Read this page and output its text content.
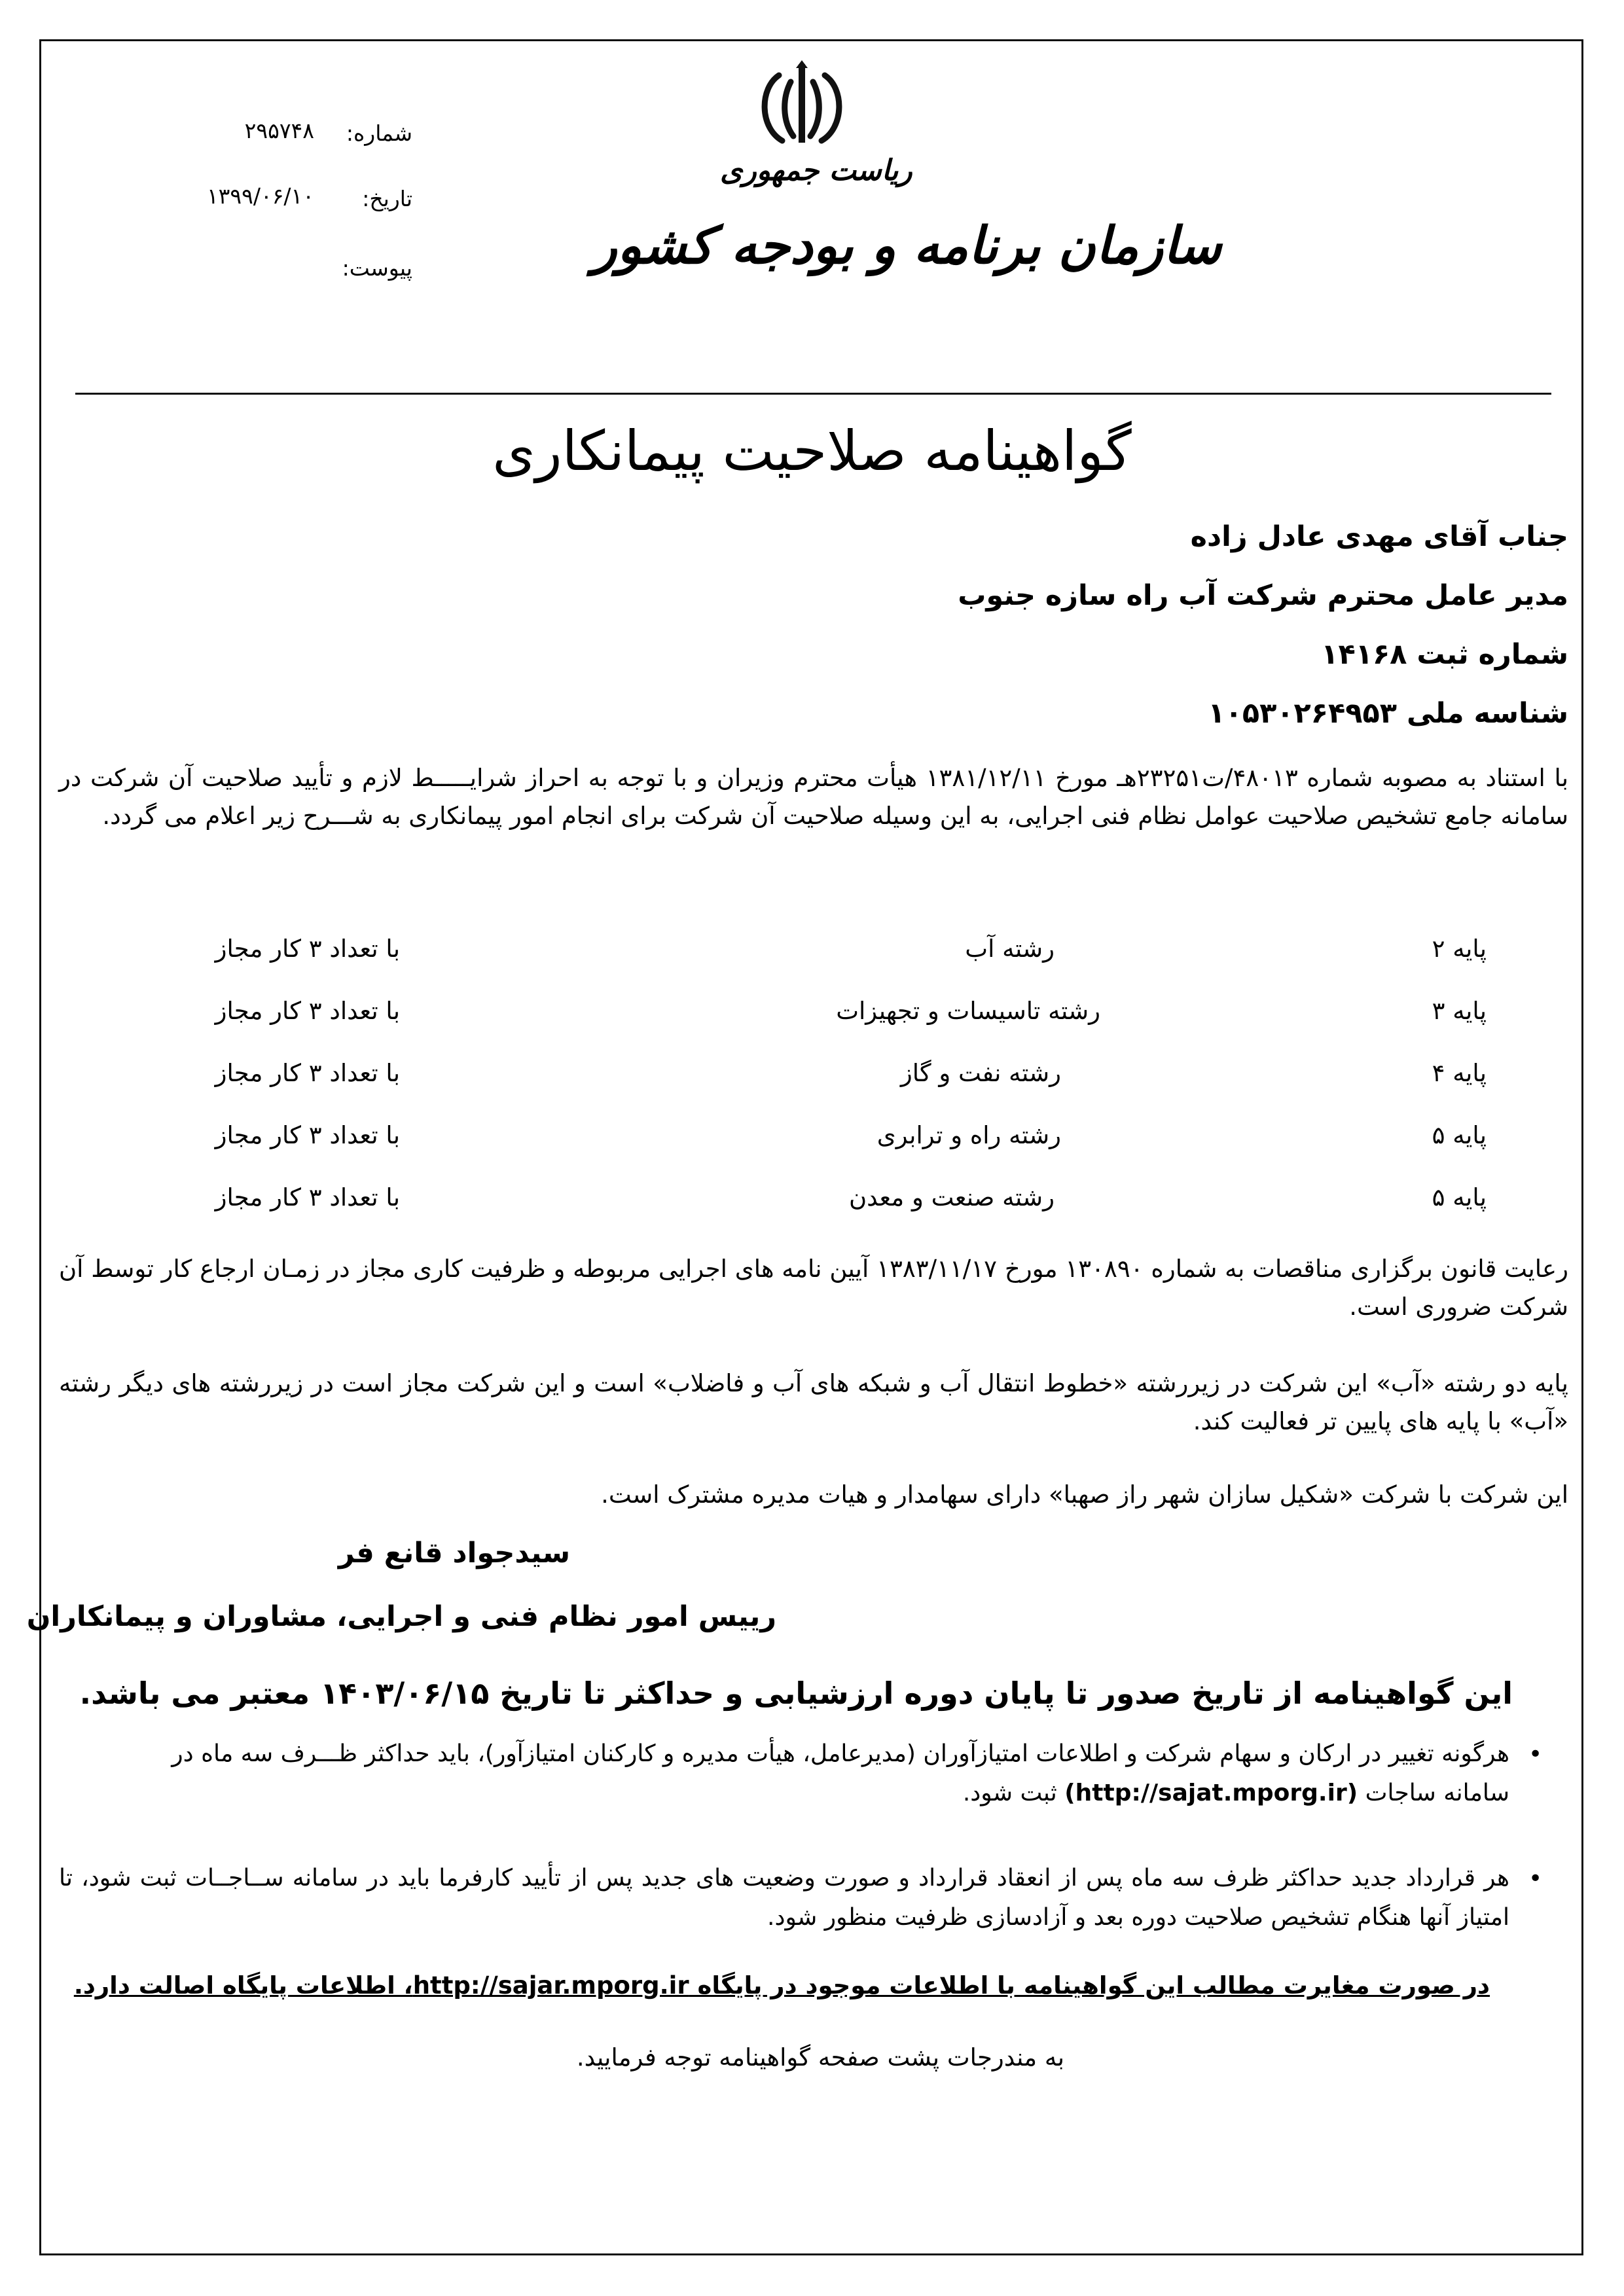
شماره:
۲۹۵۷۴۸
تاریخ:
۱۳۹۹/۰۶/۱۰
پیوست:
ریاست جمهوری
سازمان برنامه و بودجه کشور
گواهینامه صلاحیت پیمانکاری
جناب آقای مهدی عادل زاده
مدیر عامل محترم شرکت آب راه سازه جنوب
شماره ثبت ۱۴۱۶۸
شناسه ملی ۱۰۵۳۰۲۶۴۹۵۳
با استناد به مصوبه شماره ۴۸۰۱۳/ت۲۳۲۵۱هـ مورخ ۱۳۸۱/۱۲/۱۱ هیأت محترم وزیران و با توجه به احراز شرایـــــط لازم و تأیید صلاحیت آن شرکت در سامانه جامع تشخیص صلاحیت عوامل نظام فنی اجرایی، به این وسیله صلاحیت آن شرکت برای انجام امور پیمانکاری به شـــرح زیر اعلام می گردد.
پایه ۲
رشته آب
با تعداد ۳ کار مجاز
پایه ۳
رشته تاسیسات و تجهیزات
با تعداد ۳ کار مجاز
پایه ۴
رشته نفت و گاز
با تعداد ۳ کار مجاز
پایه ۵
رشته راه و ترابری
با تعداد ۳ کار مجاز
پایه ۵
رشته صنعت و معدن
با تعداد ۳ کار مجاز
رعایت قانون برگزاری مناقصات به شماره ۱۳۰۸۹۰ مورخ ۱۳۸۳/۱۱/۱۷ آیین نامه های اجرایی مربوطه و ظرفیت کاری مجاز در زمـان ارجاع کار توسط آن شرکت ضروری است.
پایه دو رشته «آب» این شرکت در زیررشته «خطوط انتقال آب و شبکه های آب و فاضلاب» است و این شرکت مجاز است در زیررشته های دیگر رشته «آب» با پایه های پایین تر فعالیت کند.
این شرکت با شرکت «شکیل سازان شهر راز صهبا» دارای سهامدار و هیات مدیره مشترک است.
سیدجواد قانع فر
رییس امور نظام فنی و اجرایی، مشاوران و پیمانکاران
این گواهینامه از تاریخ صدور تا پایان دوره ارزشیابی و حداکثر تا تاریخ ۱۴۰۳/۰۶/۱۵ معتبر می باشد.
•
هرگونه تغییر در ارکان و سهام شرکت و اطلاعات امتیازآوران (مدیرعامل، هیأت مدیره و کارکنان امتیازآور)، باید حداکثر ظـــرف سه ماه در
سامانه ساجات (http://sajat.mporg.ir) ثبت شود.
•
هر قرارداد جدید حداکثر ظرف سه ماه پس از انعقاد قرارداد و صورت وضعیت های جدید پس از تأیید کارفرما باید در سامانه ســاجــات ثبت شود، تا امتیاز آنها هنگام تشخیص صلاحیت دوره بعد و آزادسازی ظرفیت منظور شود.
در صورت مغایرت مطالب این گواهینامه با اطلاعات موجود در پایگاه http://sajar.mporg.ir، اطلاعات پایگاه اصالت دارد.
به مندرجات پشت صفحه گواهینامه توجه فرمایید.
